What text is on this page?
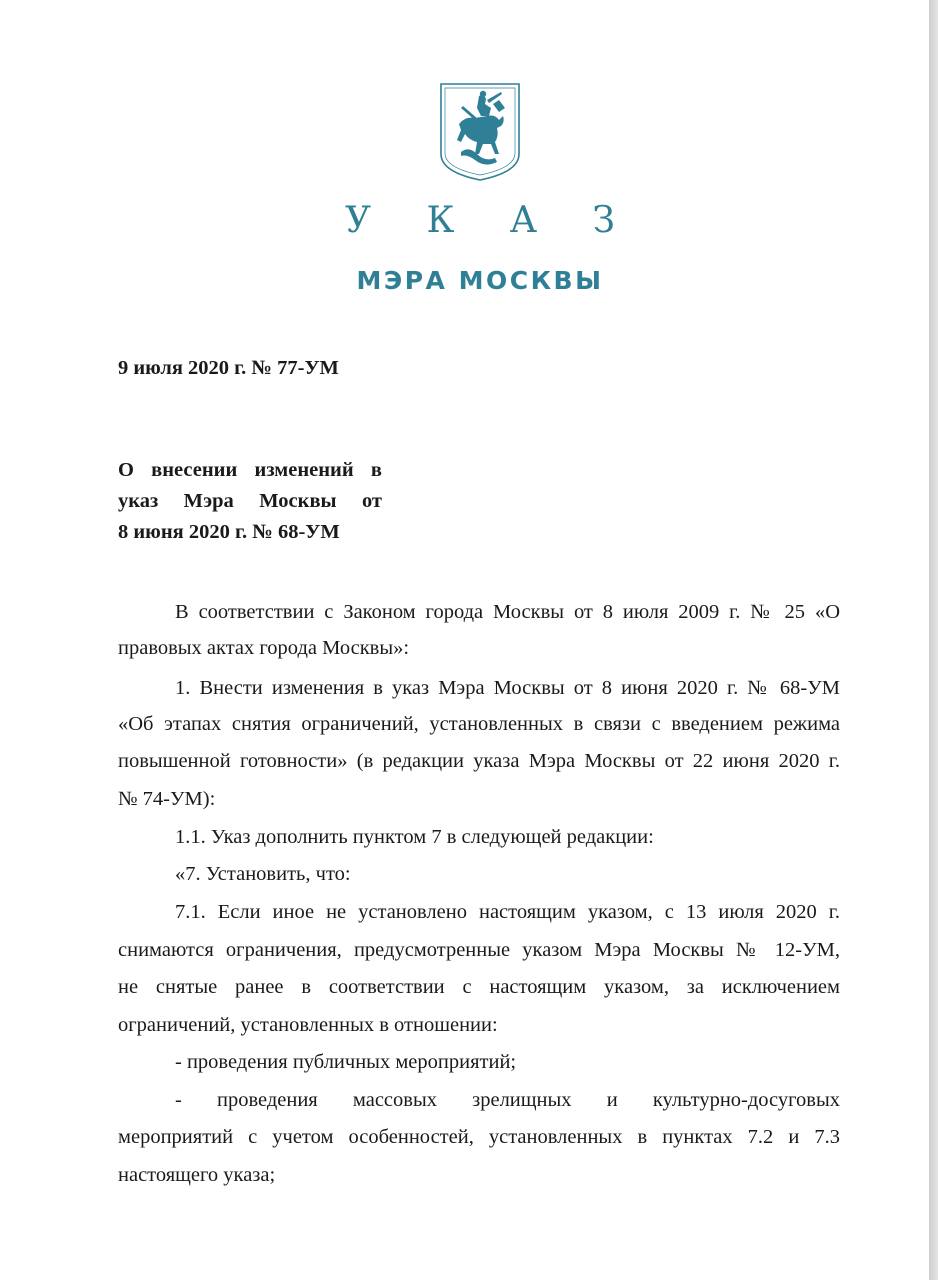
У К А З
МЭРА МОСКВЫ
9 июля 2020 г. № 77-УМ
О внесении изменений в
указ Мэра Москвы от
8 июня 2020 г. № 68-УМ
В соответствии с Законом города Москвы от 8 июля 2009 г. № 25 «О
правовых актах города Москвы»:
1. Внести изменения в указ Мэра Москвы от 8 июня 2020 г. № 68-УМ
«Об этапах снятия ограничений, установленных в связи с введением режима
повышенной готовности» (в редакции указа Мэра Москвы от 22 июня 2020 г.
№ 74-УМ):
1.1. Указ дополнить пунктом 7 в следующей редакции:
«7. Установить, что:
7.1. Если иное не установлено настоящим указом, с 13 июля 2020 г.
снимаются ограничения, предусмотренные указом Мэра Москвы № 12-УМ,
не снятые ранее в соответствии с настоящим указом, за исключением
ограничений, установленных в отношении:
- проведения публичных мероприятий;
- проведения массовых зрелищных и культурно-досуговых
мероприятий с учетом особенностей, установленных в пунктах 7.2 и 7.3
настоящего указа;
